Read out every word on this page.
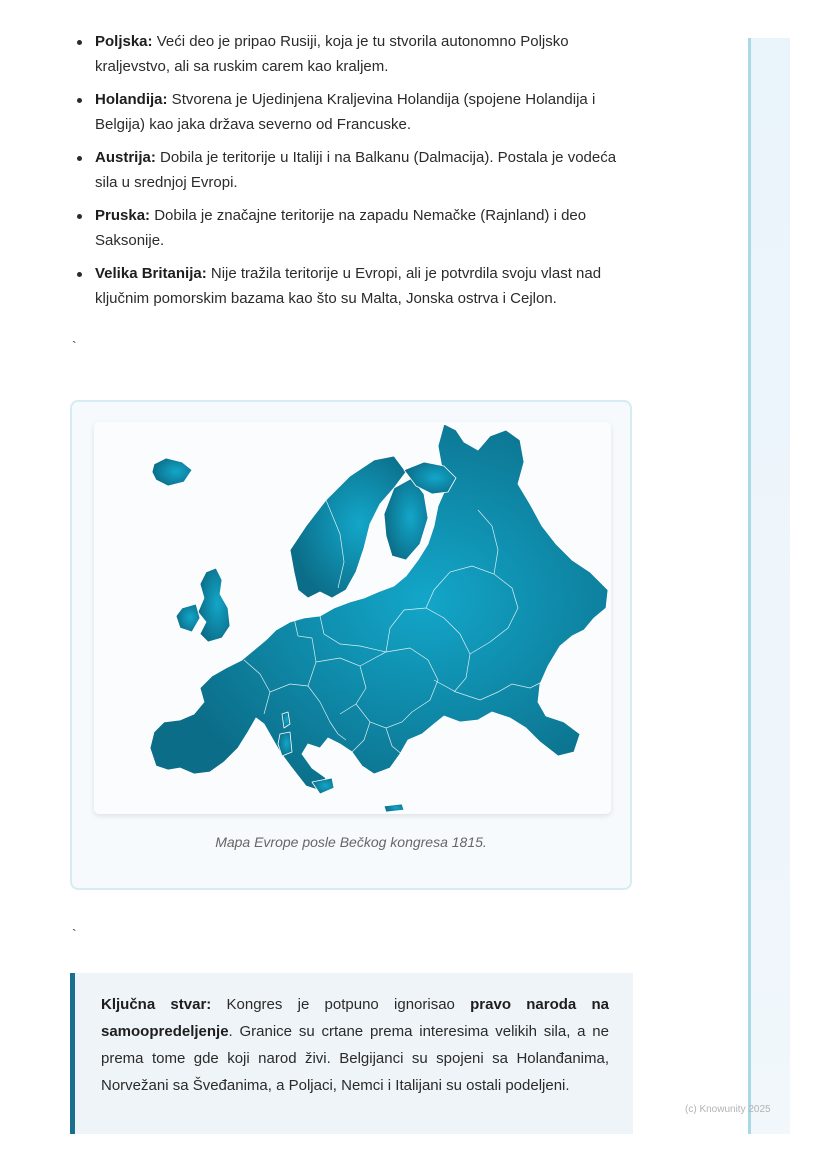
Poljska: Veći deo je pripao Rusiji, koja je tu stvorila autonomno Poljsko kraljevstvo, ali sa ruskim carem kao kraljem.
Holandija: Stvorena je Ujedinjena Kraljevina Holandija (spojene Holandija i Belgija) kao jaka država severno od Francuske.
Austrija: Dobila je teritorije u Italiji i na Balkanu (Dalmacija). Postala je vodeća sila u srednjoj Evropi.
Pruska: Dobila je značajne teritorije na zapadu Nemačke (Rajnland) i deo Saksonije.
Velika Britanija: Nije tražila teritorije u Evropi, ali je potvrdila svoju vlast nad ključnim pomorskim bazama kao što su Malta, Jonska ostrva i Cejlon.
`
Mapa Evrope posle Bečkog kongresa 1815.
`
Ključna stvar: Kongres je potpuno ignorisao pravo naroda na samoopredeljenje. Granice su crtane prema interesima velikih sila, a ne prema tome gde koji narod živi. Belgijanci su spojeni sa Holanđanima, Norvežani sa Šveđanima, a Poljaci, Nemci i Italijani su ostali podeljeni.
(c) Knowunity 2025
